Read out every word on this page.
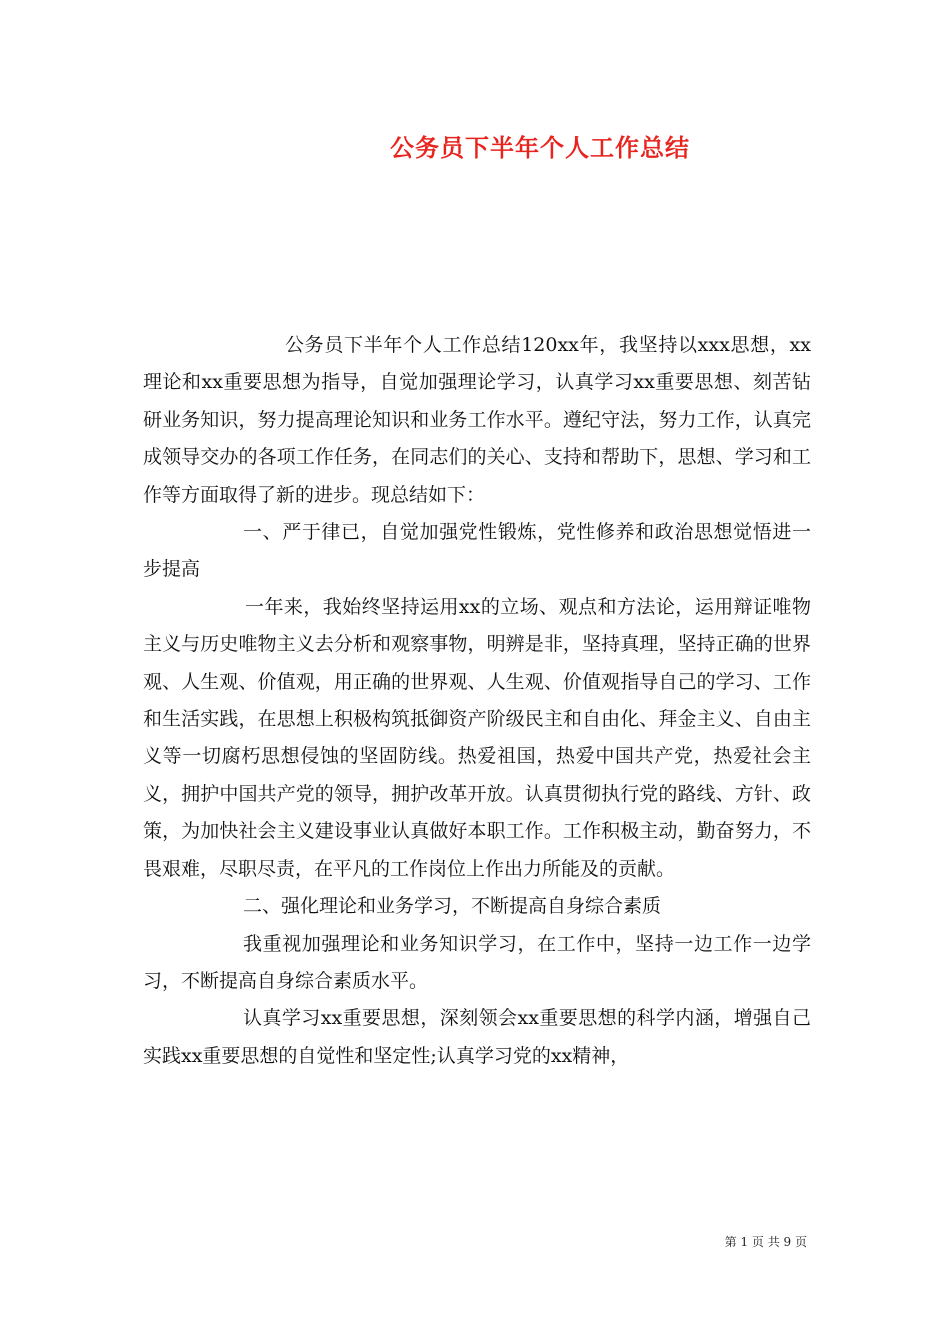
公务员下半年个人工作总结

公务员下半年个人工作总结120xx年，我坚持以xxx思想，xx理论和xx重要思想为指导，自觉加强理论学习，认真学习xx重要思想、刻苦钻研业务知识，努力提高理论知识和业务工作水平。遵纪守法，努力工作，认真完成领导交办的各项工作任务，在同志们的关心、支持和帮助下，思想、学习和工作等方面取得了新的进步。现总结如下：

一、严于律已，自觉加强党性锻炼，党性修养和政治思想觉悟进一步提高

一年来，我始终坚持运用xx的立场、观点和方法论，运用辩证唯物主义与历史唯物主义去分析和观察事物，明辨是非，坚持真理，坚持正确的世界观、人生观、价值观，用正确的世界观、人生观、价值观指导自己的学习、工作和生活实践，在思想上积极构筑抵御资产阶级民主和自由化、拜金主义、自由主义等一切腐朽思想侵蚀的坚固防线。热爱祖国，热爱中国共产党，热爱社会主义，拥护中国共产党的领导，拥护改革开放。认真贯彻执行党的路线、方针、政策，为加快社会主义建设事业认真做好本职工作。工作积极主动，勤奋努力，不畏艰难，尽职尽责，在平凡的工作岗位上作出力所能及的贡献。

二、强化理论和业务学习，不断提高自身综合素质

我重视加强理论和业务知识学习，在工作中，坚持一边工作一边学习，不断提高自身综合素质水平。

认真学习xx重要思想，深刻领会xx重要思想的科学内涵，增强自己实践xx重要思想的自觉性和坚定性;认真学习党的xx精神，

第 1 页 共 9 页
